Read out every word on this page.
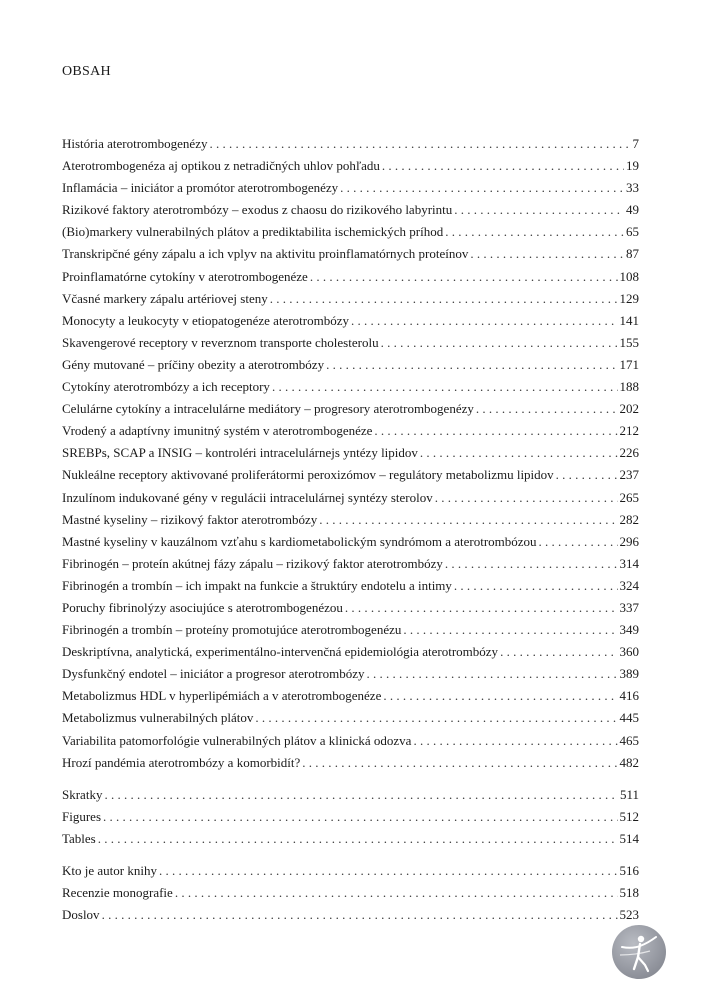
OBSAH
História aterotrombogenézy . . .	7
Aterotrombogenéza aj optikou z netradičných uhlov pohľadu . . .	19
Inflamácia – iniciátor a promótor aterotrombogenézy . . .	33
Rizikové faktory aterotrombózy – exodus z chaosu do rizikového labyrintu . . .	49
(Bio)markery vulnerabilných plátov a prediktabilita ischemických príhod . . .	65
Transkripčné gény zápalu a ich vplyv na aktivitu proinflamatórnych proteínov . . .	87
Proinflamatórne cytokíny v aterotrombogenéze . . .	108
Včasné markery zápalu artériovej steny . . .	129
Monocyty a leukocyty v etiopatogenéze aterotrombózy . . .	141
Skavengerové receptory v reverznom transporte cholesterolu . . .	155
Gény mutované – príčiny obezity a aterotrombózy . . .	171
Cytokíny aterotrombózy a ich receptory . . .	188
Celulárne cytokíny a intracelulárne mediátory – progresory aterotrombogenézy . . .	202
Vrodený a adaptívny imunitný systém v aterotrombogenéze . . .	212
SREBPs, SCAP a INSIG – kontroléri intracelulárnejs yntézy lipidov . . .	226
Nukleálne receptory aktivované proliferátormi peroxizómov – regulátory metabolizmu lipidov . . .	237
Inzulínom indukované gény v regulácii intracelulárnej syntézy sterolov . . .	265
Mastné kyseliny – rizikový faktor aterotrombózy . . .	282
Mastné kyseliny v kauzálnom vzťahu s kardiometabolickým syndrómom a aterotrombózou . . .	296
Fibrinogén – proteín akútnej fázy zápalu – rizikový faktor aterotrombózy . . .	314
Fibrinogén a trombín – ich impakt na funkcie a štruktúry endotelu a intimy . . .	324
Poruchy fibrinolýzy asociujúce s aterotrombogenézou . . .	337
Fibrinogén a trombín – proteíny promotujúce aterotrombogenézu . . .	349
Deskriptívna, analytická, experimentálno-intervenčná epidemiológia aterotrombózy . . .	360
Dysfunkčný endotel – iniciátor a progresor aterotrombózy . . .	389
Metabolizmus HDL v hyperlipémiách a v aterotrombogenéze . . .	416
Metabolizmus vulnerabilných plátov . . .	445
Variabilita patomorfológie vulnerabilných plátov a klinická odozva . . .	465
Hrozí pandémia aterotrombózy a komorbidít? . . .	482
Skratky . . .	511
Figures . . .	512
Tables . . .	514
Kto je autor knihy . . .	516
Recenzie monografie . . .	518
Doslov . . .	523
